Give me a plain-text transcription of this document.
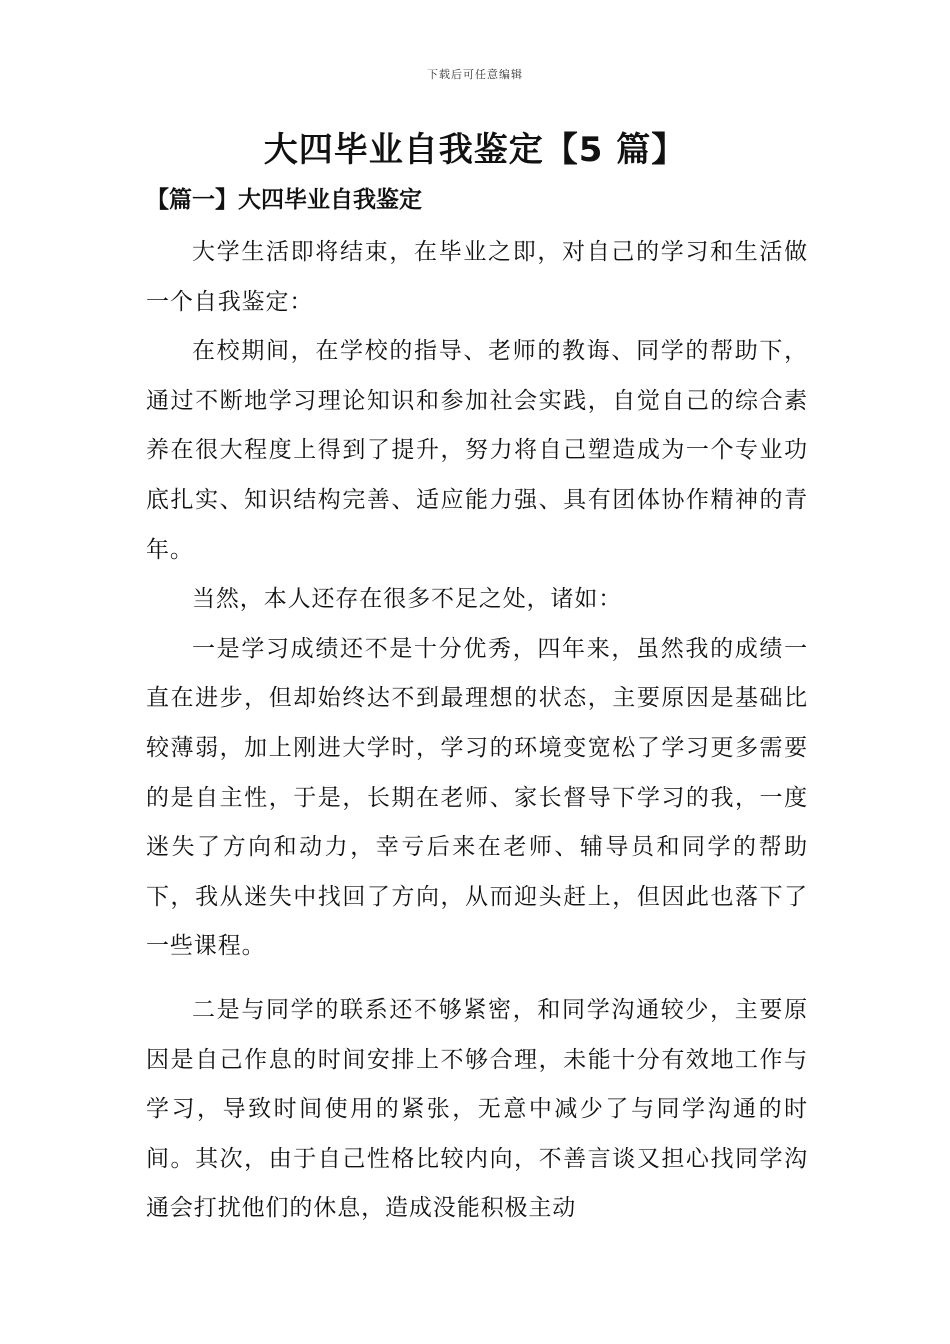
下载后可任意编辑
大四毕业自我鉴定【5 篇】
【篇一】大四毕业自我鉴定

大学生活即将结束，在毕业之即，对自己的学习和生活做一个自我鉴定：

在校期间，在学校的指导、老师的教诲、同学的帮助下，通过不断地学习理论知识和参加社会实践，自觉自己的综合素养在很大程度上得到了提升，努力将自己塑造成为一个专业功底扎实、知识结构完善、适应能力强、具有团体协作精神的青年。

当然，本人还存在很多不足之处，诸如：

一是学习成绩还不是十分优秀，四年来，虽然我的成绩一直在进步，但却始终达不到最理想的状态，主要原因是基础比较薄弱，加上刚进大学时，学习的环境变宽松了学习更多需要的是自主性，于是，长期在老师、家长督导下学习的我，一度迷失了方向和动力，幸亏后来在老师、辅导员和同学的帮助下，我从迷失中找回了方向，从而迎头赶上，但因此也落下了一些课程。

二是与同学的联系还不够紧密，和同学沟通较少，主要原因是自己作息的时间安排上不够合理，未能十分有效地工作与学习，导致时间使用的紧张，无意中减少了与同学沟通的时间。其次，由于自己性格比较内向，不善言谈又担心找同学沟通会打扰他们的休息，造成没能积极主动
